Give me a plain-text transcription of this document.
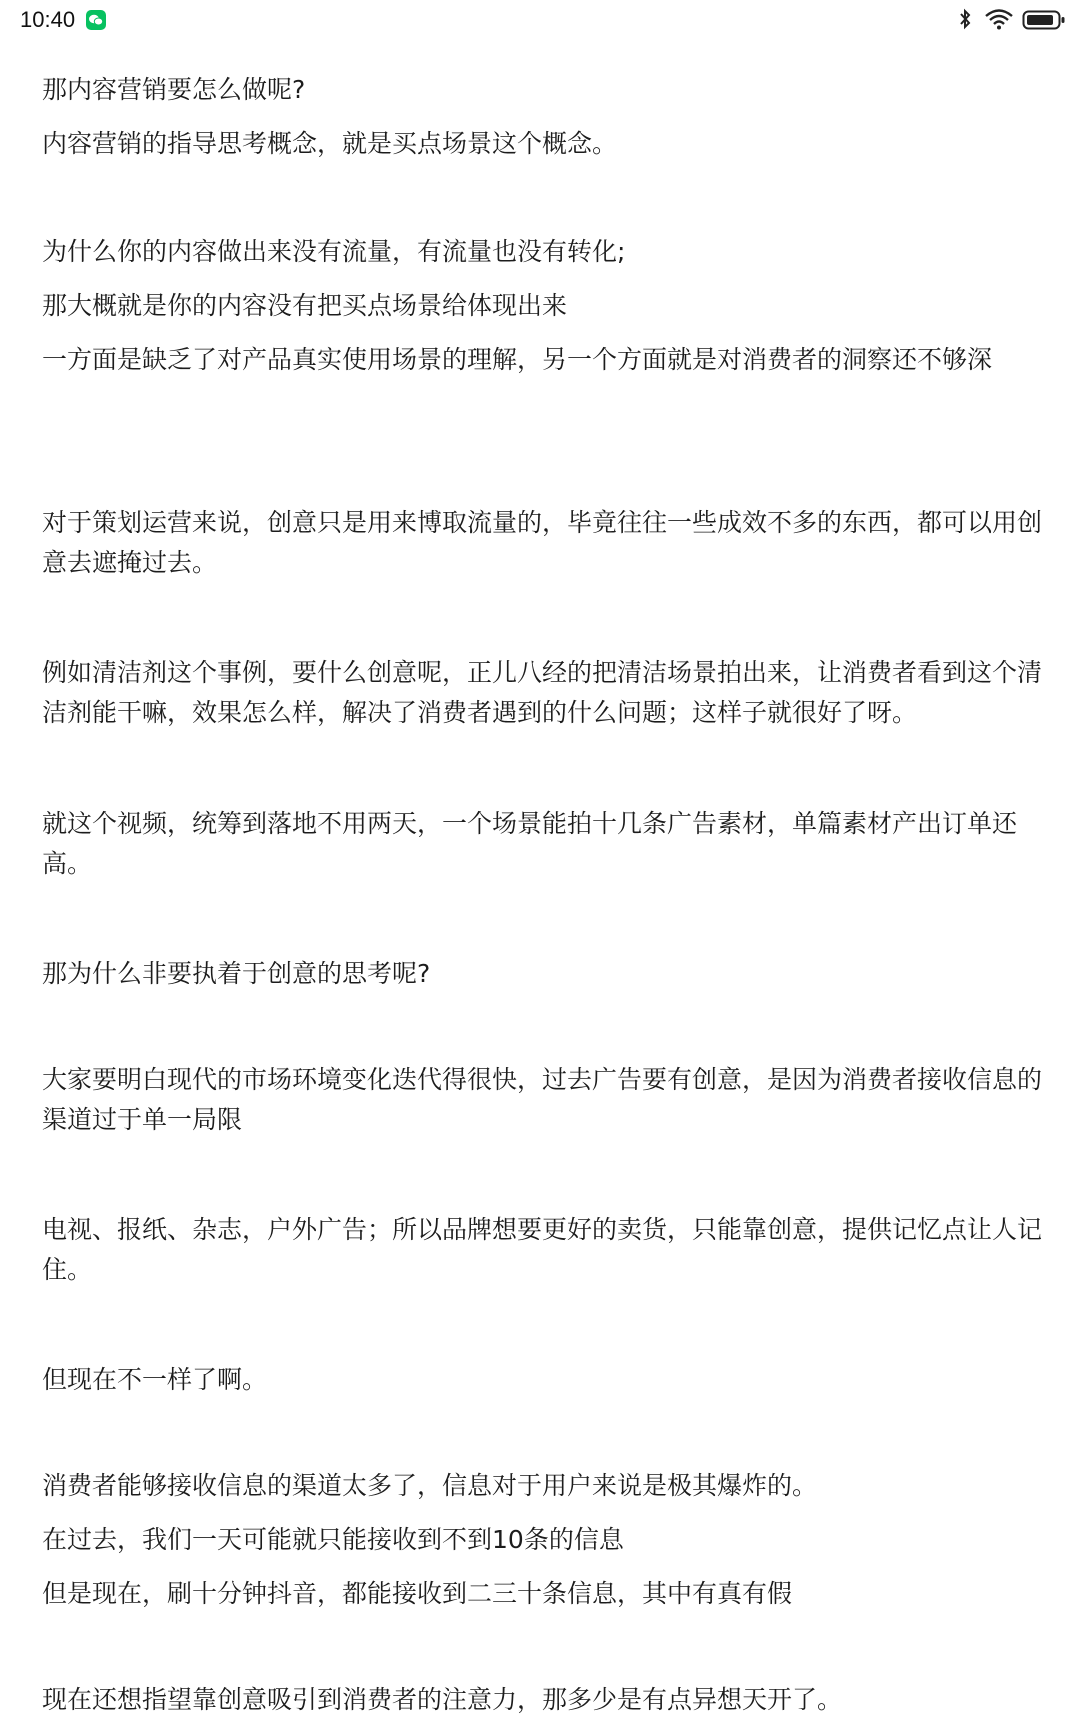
10:40
那内容营销要怎么做呢?
内容营销的指导思考概念，就是买点场景这个概念。
为什么你的内容做出来没有流量，有流量也没有转化;
那大概就是你的内容没有把买点场景给体现出来
一方面是缺乏了对产品真实使用场景的理解，另一个方面就是对消费者的洞察还不够深
对于策划运营来说，创意只是用来博取流量的，毕竟往往一些成效不多的东西，都可以用创意去遮掩过去。
例如清洁剂这个事例，要什么创意呢，正儿八经的把清洁场景拍出来，让消费者看到这个清洁剂能干嘛，效果怎么样，解决了消费者遇到的什么问题；这样子就很好了呀。
就这个视频，统筹到落地不用两天，一个场景能拍十几条广告素材，单篇素材产出订单还高。
那为什么非要执着于创意的思考呢?
大家要明白现代的市场环境变化迭代得很快，过去广告要有创意，是因为消费者接收信息的渠道过于单一局限
电视、报纸、杂志，户外广告；所以品牌想要更好的卖货，只能靠创意，提供记忆点让人记住。
但现在不一样了啊。
消费者能够接收信息的渠道太多了，信息对于用户来说是极其爆炸的。
在过去，我们一天可能就只能接收到不到10条的信息
但是现在，刷十分钟抖音，都能接收到二三十条信息，其中有真有假
现在还想指望靠创意吸引到消费者的注意力，那多少是有点异想天开了。
